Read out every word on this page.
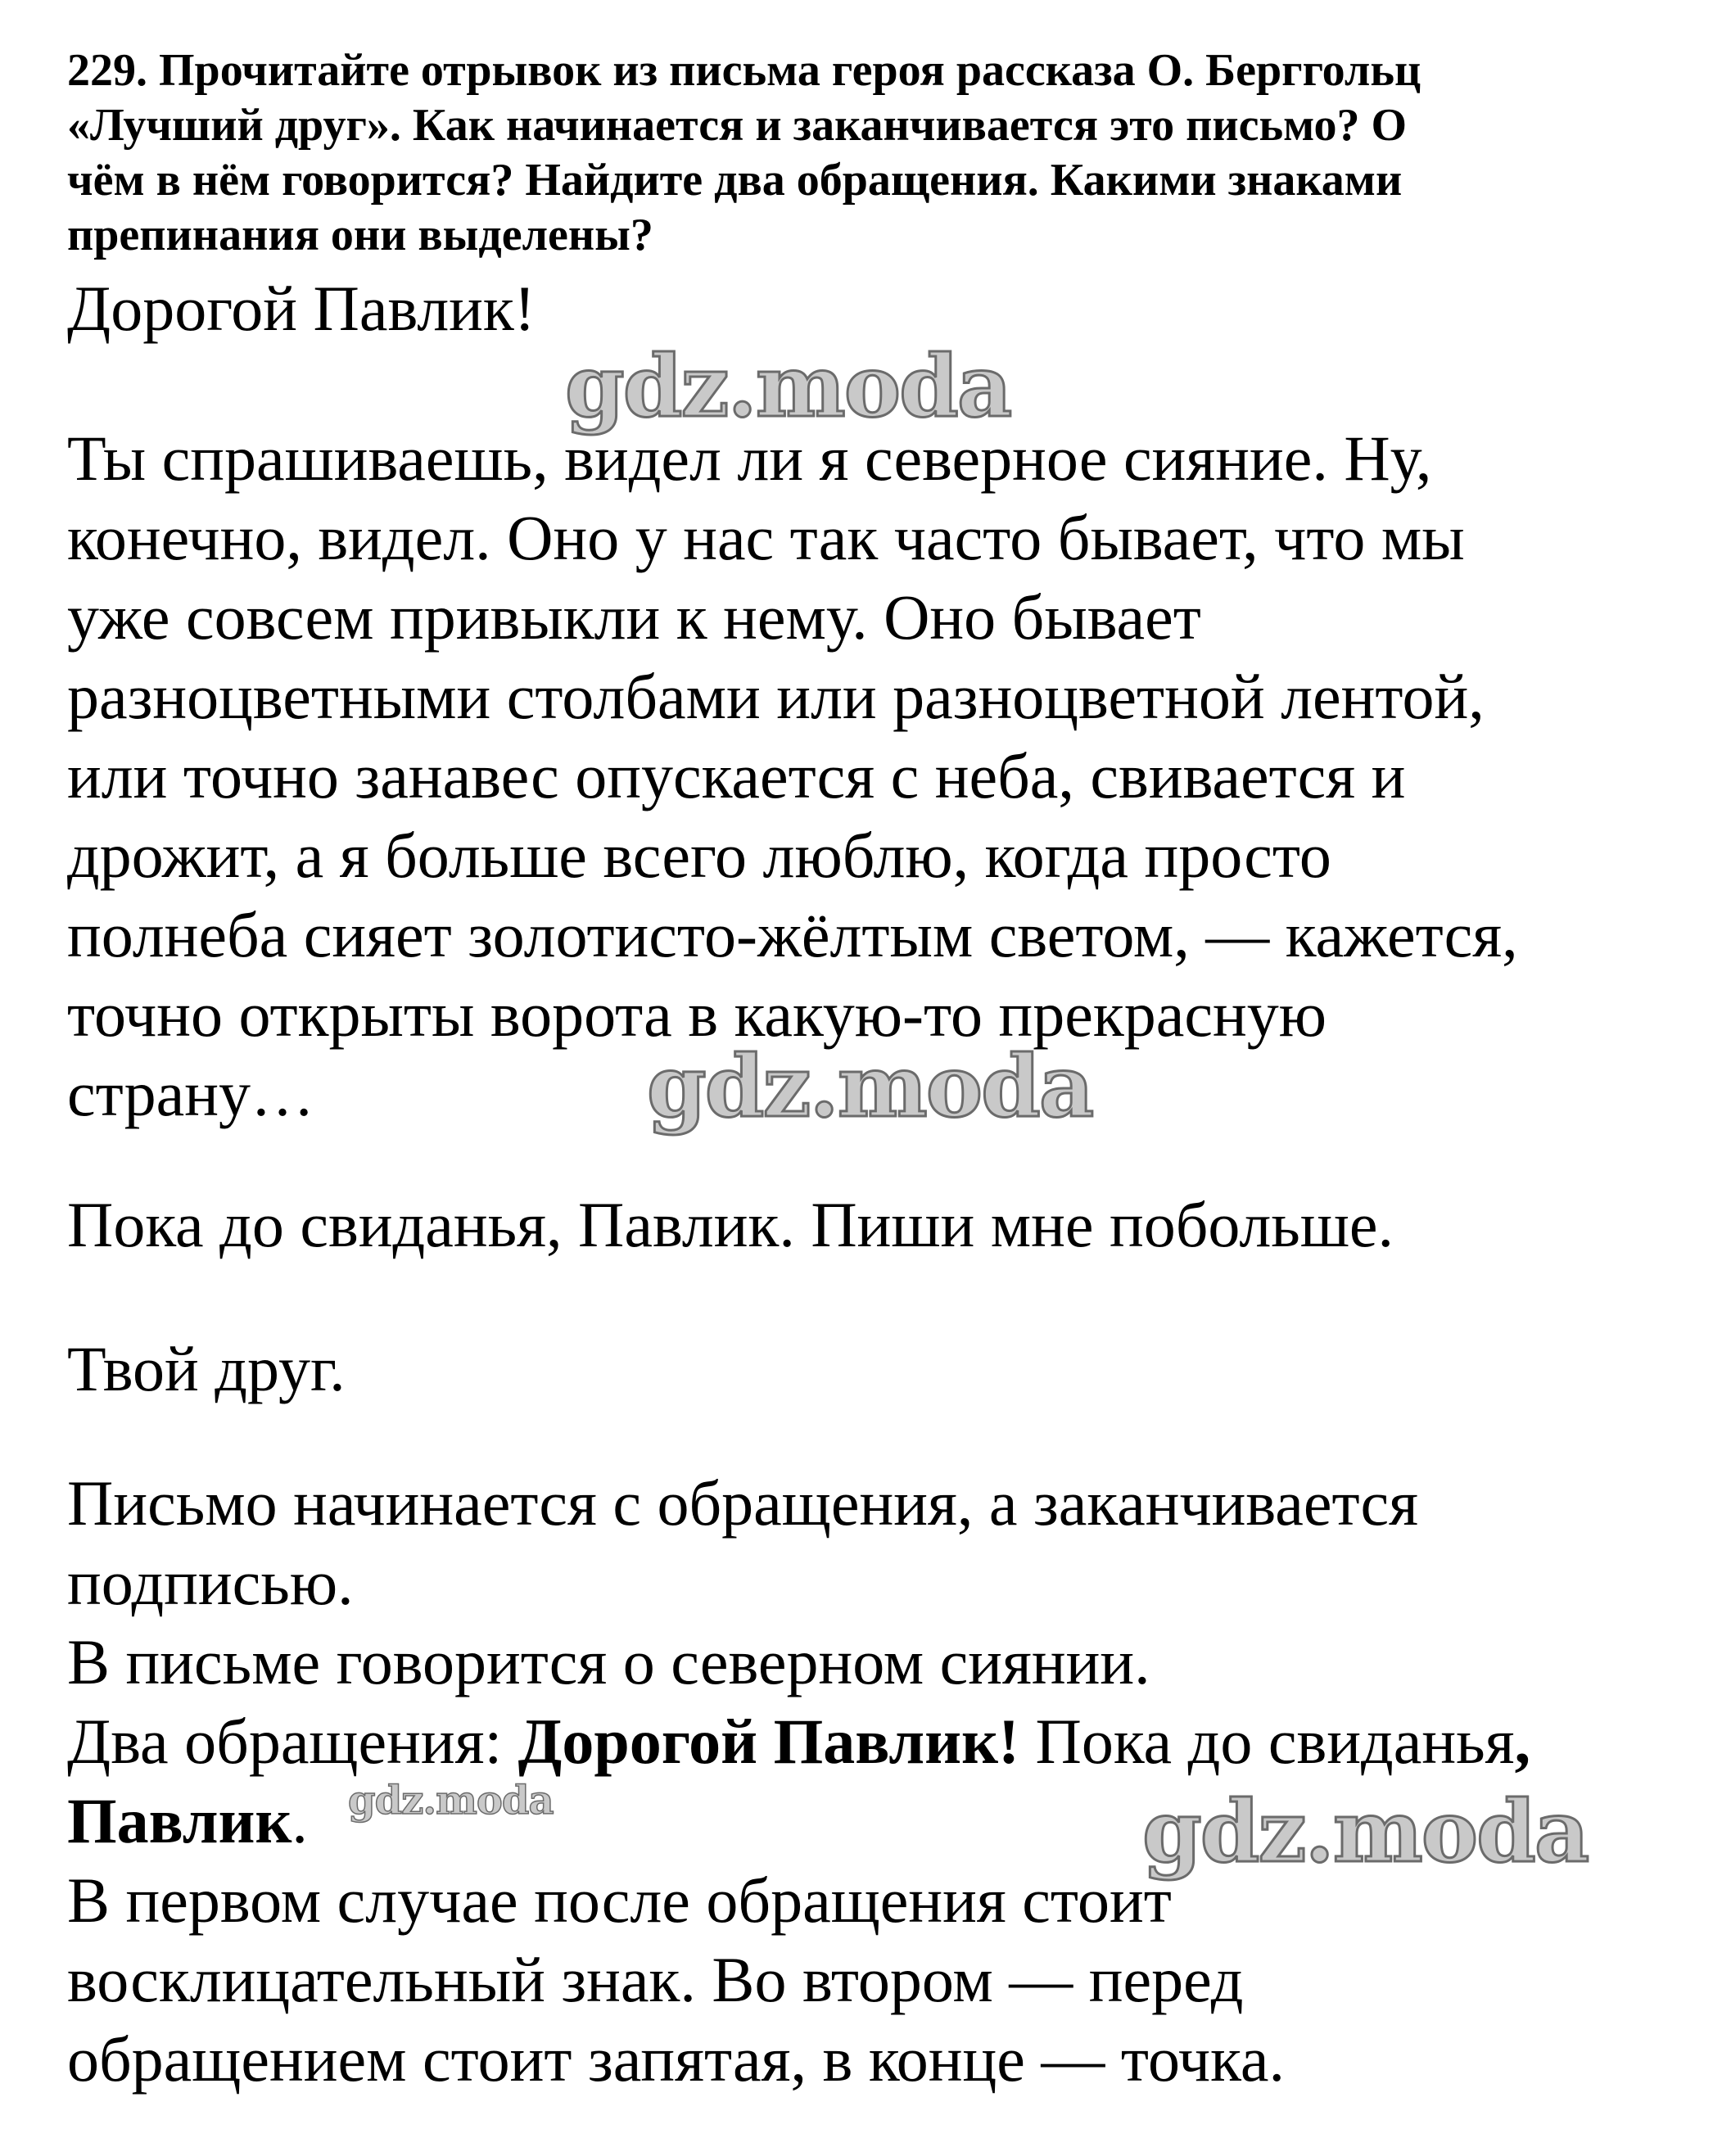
229. Прочитайте отрывок из письма героя рассказа О. Берггольц
«Лучший друг». Как начинается и заканчивается это письмо? О
чём в нём говорится? Найдите два обращения. Какими знаками
препинания они выделены?
Дорогой Павлик!
Ты спрашиваешь, видел ли я северное сияние. Ну,
конечно, видел. Оно у нас так часто бывает, что мы
уже совсем привыкли к нему. Оно бывает
разноцветными столбами или разноцветной лентой,
или точно занавес опускается с неба, свивается и
дрожит, а я больше всего люблю, когда просто
полнеба сияет золотисто-жёлтым светом, — кажется,
точно открыты ворота в какую-то прекрасную
страну…
Пока до свиданья, Павлик. Пиши мне побольше.
Твой друг.
Письмо начинается с обращения, а заканчивается
подписью.
В письме говорится о северном сиянии.
Два обращения: Дорогой Павлик! Пока до свиданья,
Павлик.
В первом случае после обращения стоит
восклицательный знак. Во втором — перед
обращением стоит запятая, в конце — точка.
gdz.moda
gdz.moda
gdz.moda	gdz.moda
